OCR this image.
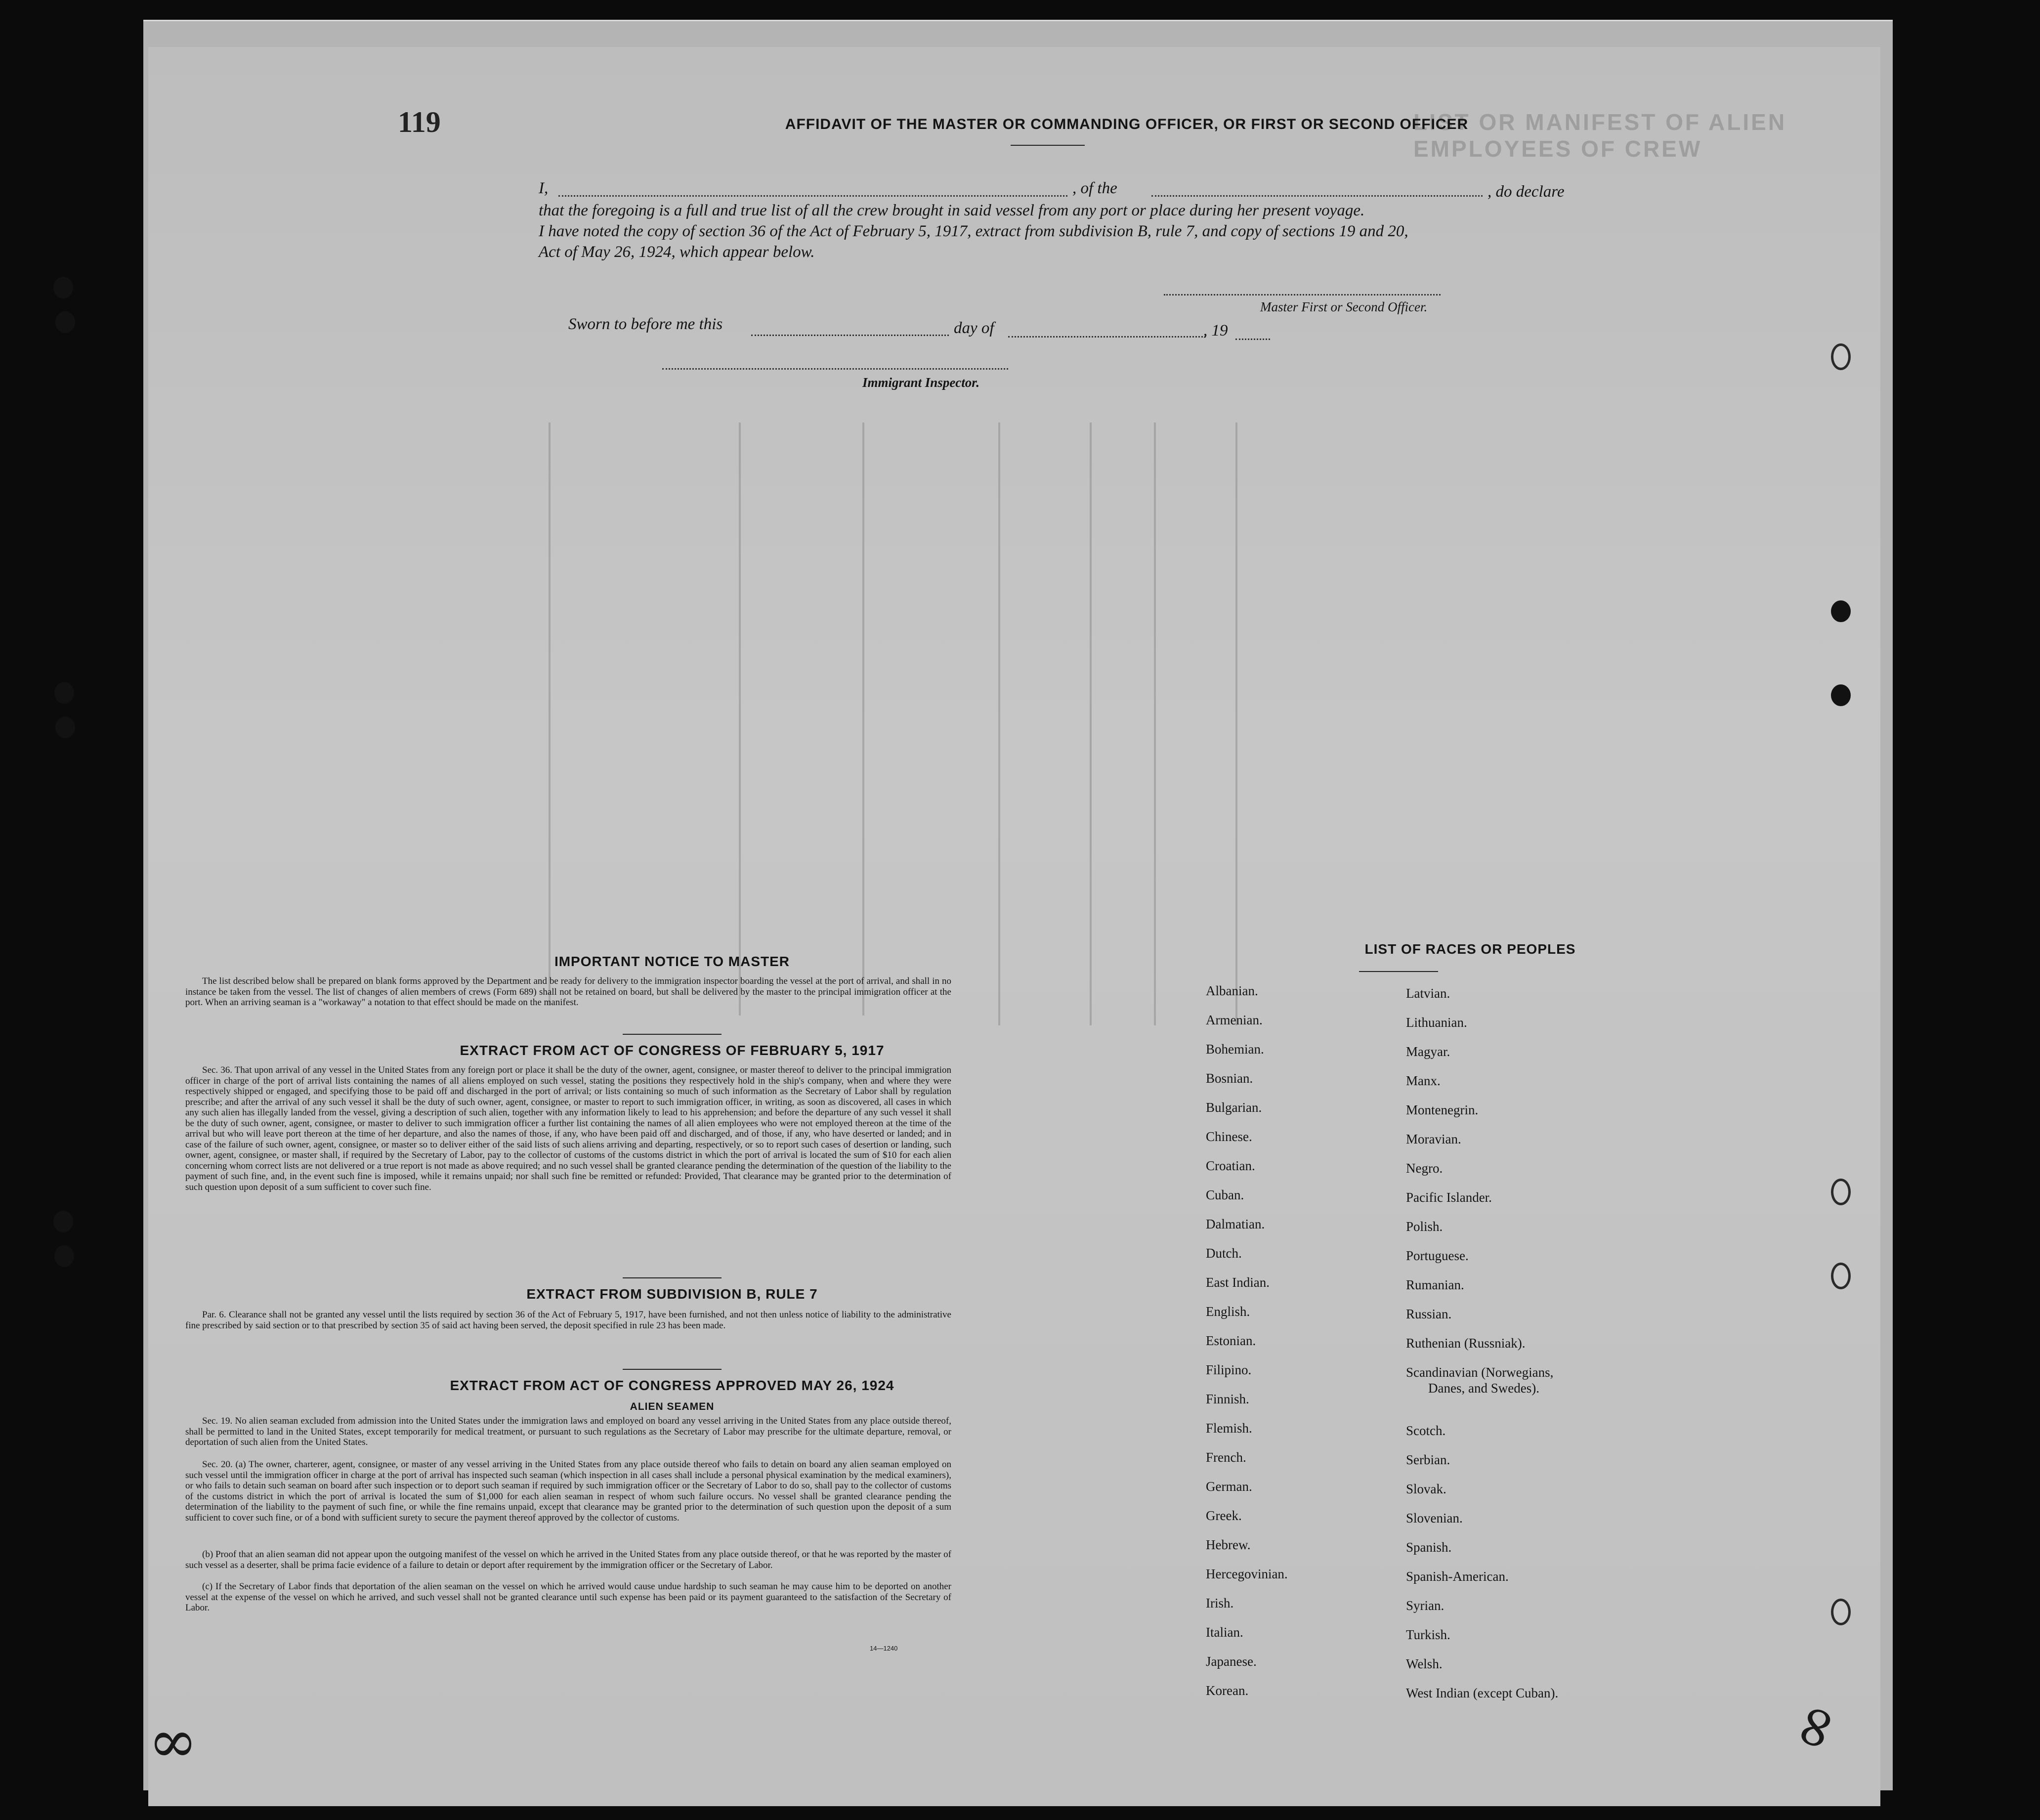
LIST OR MANIFEST OF ALIEN EMPLOYEES OF CREW
119	AFFIDAVIT OF THE MASTER OR COMMANDING OFFICER, OR FIRST OR SECOND OFFICER
I,	, of the	, do declare
that the foregoing is a full and true list of all the crew brought in said vessel from any port or place during her present voyage.
I have noted the copy of section 36 of the Act of February 5, 1917, extract from subdivision B, rule 7, and copy of sections 19 and 20,
Act of May 26, 1924, which appear below.
Master First or Second Officer.
Sworn to before me this	day of	, 19
Immigrant Inspector.
IMPORTANT NOTICE TO MASTER
The list described below shall be prepared on blank forms approved by the Department and be ready for delivery to the immigration inspector boarding the vessel at the port of arrival, and shall in no instance be taken from the vessel. The list of changes of alien members of crews (Form 689) shall not be retained on board, but shall be delivered by the master to the principal immigration officer at the port. When an arriving seaman is a "workaway" a notation to that effect should be made on the manifest.
EXTRACT FROM ACT OF CONGRESS OF FEBRUARY 5, 1917
Sec. 36. That upon arrival of any vessel in the United States from any foreign port or place it shall be the duty of the owner, agent, consignee, or master thereof to deliver to the principal immigration officer in charge of the port of arrival lists containing the names of all aliens employed on such vessel, stating the positions they respectively hold in the ship's company, when and where they were respectively shipped or engaged, and specifying those to be paid off and discharged in the port of arrival; or lists containing so much of such information as the Secretary of Labor shall by regulation prescribe; and after the arrival of any such vessel it shall be the duty of such owner, agent, consignee, or master to report to such immigration officer, in writing, as soon as discovered, all cases in which any such alien has illegally landed from the vessel, giving a description of such alien, together with any information likely to lead to his apprehension; and before the departure of any such vessel it shall be the duty of such owner, agent, consignee, or master to deliver to such immigration officer a further list containing the names of all alien employees who were not employed thereon at the time of the arrival but who will leave port thereon at the time of her departure, and also the names of those, if any, who have been paid off and discharged, and of those, if any, who have deserted or landed; and in case of the failure of such owner, agent, consignee, or master so to deliver either of the said lists of such aliens arriving and departing, respectively, or so to report such cases of desertion or landing, such owner, agent, consignee, or master shall, if required by the Secretary of Labor, pay to the collector of customs of the customs district in which the port of arrival is located the sum of $10 for each alien concerning whom correct lists are not delivered or a true report is not made as above required; and no such vessel shall be granted clearance pending the determination of the question of the liability to the payment of such fine, and, in the event such fine is imposed, while it remains unpaid; nor shall such fine be remitted or refunded: Provided, That clearance may be granted prior to the determination of such question upon deposit of a sum sufficient to cover such fine.
EXTRACT FROM SUBDIVISION B, RULE 7
Par. 6. Clearance shall not be granted any vessel until the lists required by section 36 of the Act of February 5, 1917, have been furnished, and not then unless notice of liability to the administrative fine prescribed by said section or to that prescribed by section 35 of said act having been served, the deposit specified in rule 23 has been made.
EXTRACT FROM ACT OF CONGRESS APPROVED MAY 26, 1924
ALIEN SEAMEN
Sec. 19. No alien seaman excluded from admission into the United States under the immigration laws and employed on board any vessel arriving in the United States from any place outside thereof, shall be permitted to land in the United States, except temporarily for medical treatment, or pursuant to such regulations as the Secretary of Labor may prescribe for the ultimate departure, removal, or deportation of such alien from the United States.
Sec. 20. (a) The owner, charterer, agent, consignee, or master of any vessel arriving in the United States from any place outside thereof who fails to detain on board any alien seaman employed on such vessel until the immigration officer in charge at the port of arrival has inspected such seaman (which inspection in all cases shall include a personal physical examination by the medical examiners), or who fails to detain such seaman on board after such inspection or to deport such seaman if required by such immigration officer or the Secretary of Labor to do so, shall pay to the collector of customs of the customs district in which the port of arrival is located the sum of $1,000 for each alien seaman in respect of whom such failure occurs. No vessel shall be granted clearance pending the determination of the liability to the payment of such fine, or while the fine remains unpaid, except that clearance may be granted prior to the determination of such question upon the deposit of a sum sufficient to cover such fine, or of a bond with sufficient surety to secure the payment thereof approved by the collector of customs.
(b) Proof that an alien seaman did not appear upon the outgoing manifest of the vessel on which he arrived in the United States from any place outside thereof, or that he was reported by the master of such vessel as a deserter, shall be prima facie evidence of a failure to detain or deport after requirement by the immigration officer or the Secretary of Labor.
(c) If the Secretary of Labor finds that deportation of the alien seaman on the vessel on which he arrived would cause undue hardship to such seaman he may cause him to be deported on another vessel at the expense of the vessel on which he arrived, and such vessel shall not be granted clearance until such expense has been paid or its payment guaranteed to the satisfaction of the Secretary of Labor.
14—1240
LIST OF RACES OR PEOPLES
Albanian.
Armenian.
Bohemian.
Bosnian.
Bulgarian.
Chinese.
Croatian.
Cuban.
Dalmatian.
Dutch.
East Indian.
English.
Estonian.
Filipino.
Finnish.
Flemish.
French.
German.
Greek.
Hebrew.
Hercegovinian.
Irish.
Italian.
Japanese.
Korean.
Latvian.
Lithuanian.
Magyar.
Manx.
Montenegrin.
Moravian.
Negro.
Pacific Islander.
Polish.
Portuguese.
Rumanian.
Russian.
Ruthenian (Russniak).
Scandinavian (Norwegians,
Danes, and Swedes).
Scotch.
Serbian.
Slovak.
Slovenian.
Spanish.
Spanish-American.
Syrian.
Turkish.
Welsh.
West Indian (except Cuban).
∞	∞
